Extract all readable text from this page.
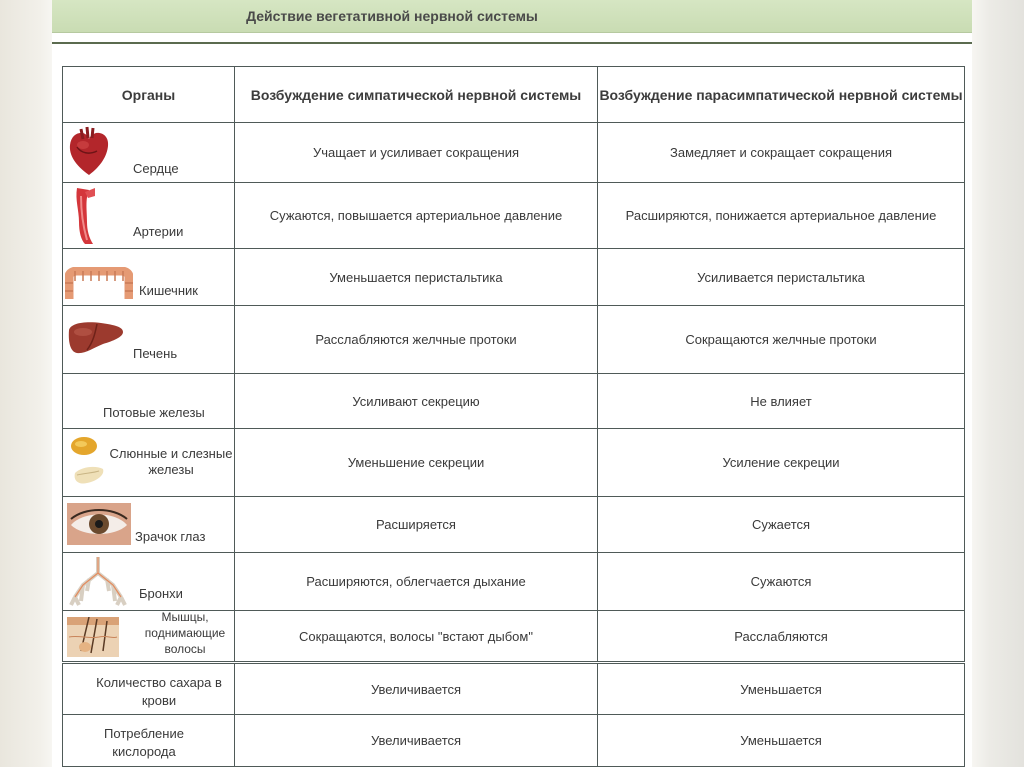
Действие вегетативной нервной системы
Органы	Возбуждение симпатической нервной системы	Возбуждение парасимпатической нервной системы

Сердце	Учащает и усиливает сокращения	Замедляет и сокращает сокращения

Артерии	Сужаются, повышается артериальное давление	Расширяются, понижается артериальное давление

Кишечник	Уменьшается перистальтика	Усиливается перистальтика

Печень	Расслабляются желчные протоки	Сокращаются желчные протоки

Потовые железы	Усиливают секрецию	Не влияет

Слюнные и слезные железы	Уменьшение секреции	Усиление секреции

Зрачок глаз	Расширяется	Сужается

Бронхи	Расширяются, облегчается дыхание	Сужаются

Мышцы, поднимающие волосы	Сокращаются, волосы "встают дыбом"	Расслабляются

Количество сахара в крови	Увеличивается	Уменьшается

Потребление кислорода	Увеличивается	Уменьшается
